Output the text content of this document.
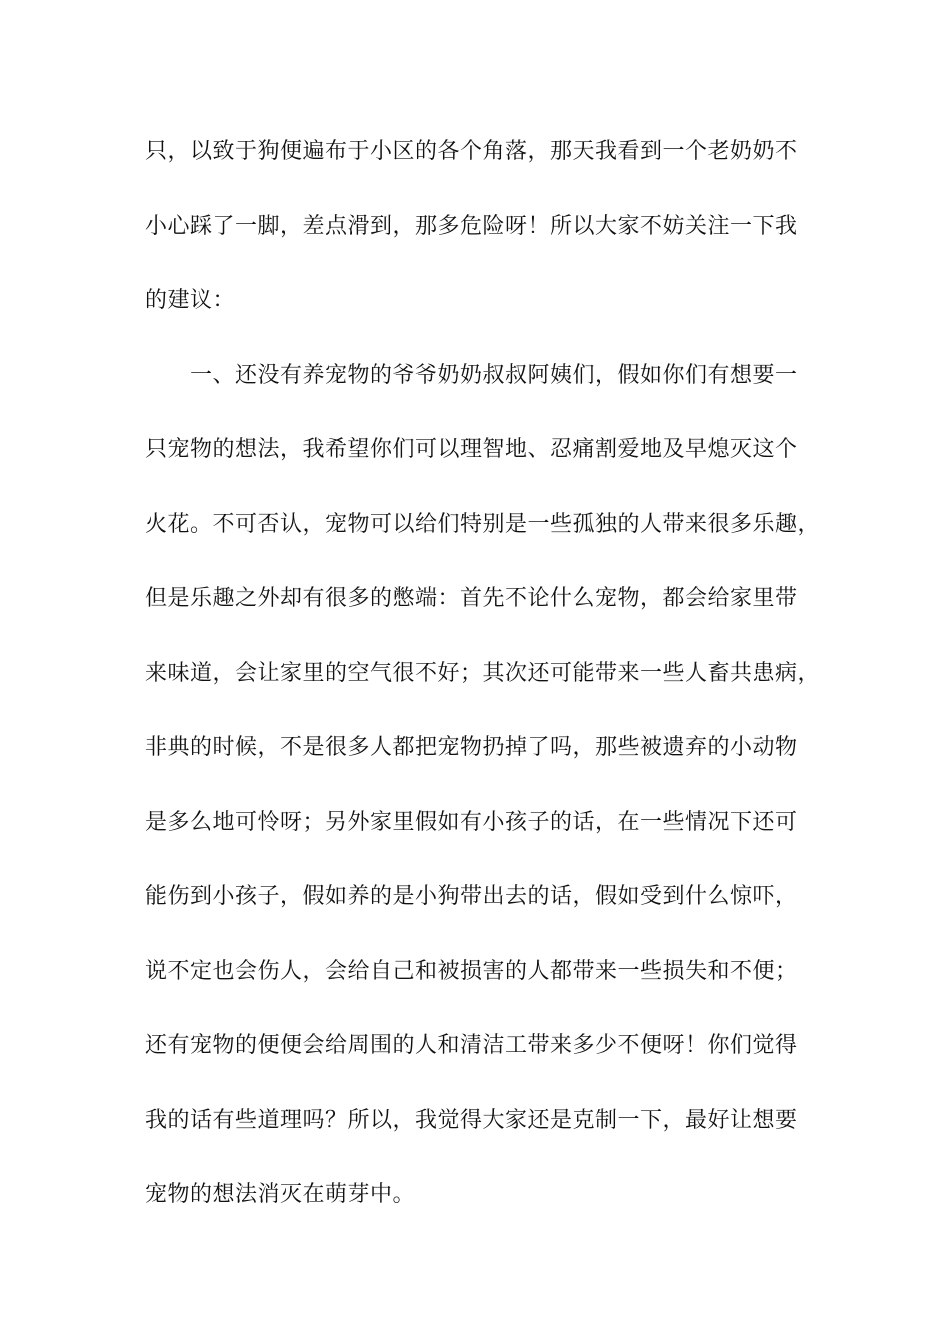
只，以致于狗便遍布于小区的各个角落，那天我看到一个老奶奶不
小心踩了一脚，差点滑到，那多危险呀！所以大家不妨关注一下我
的建议：
　　一、还没有养宠物的爷爷奶奶叔叔阿姨们，假如你们有想要一
只宠物的想法，我希望你们可以理智地、忍痛割爱地及早熄灭这个
火花。不可否认，宠物可以给们特别是一些孤独的人带来很多乐趣，
但是乐趣之外却有很多的憋端：首先不论什么宠物，都会给家里带
来味道，会让家里的空气很不好；其次还可能带来一些人畜共患病，
非典的时候，不是很多人都把宠物扔掉了吗，那些被遗弃的小动物
是多么地可怜呀；另外家里假如有小孩子的话，在一些情况下还可
能伤到小孩子，假如养的是小狗带出去的话，假如受到什么惊吓，
说不定也会伤人，会给自己和被损害的人都带来一些损失和不便；
还有宠物的便便会给周围的人和清洁工带来多少不便呀！你们觉得
我的话有些道理吗？所以，我觉得大家还是克制一下，最好让想要
宠物的想法消灭在萌芽中。
